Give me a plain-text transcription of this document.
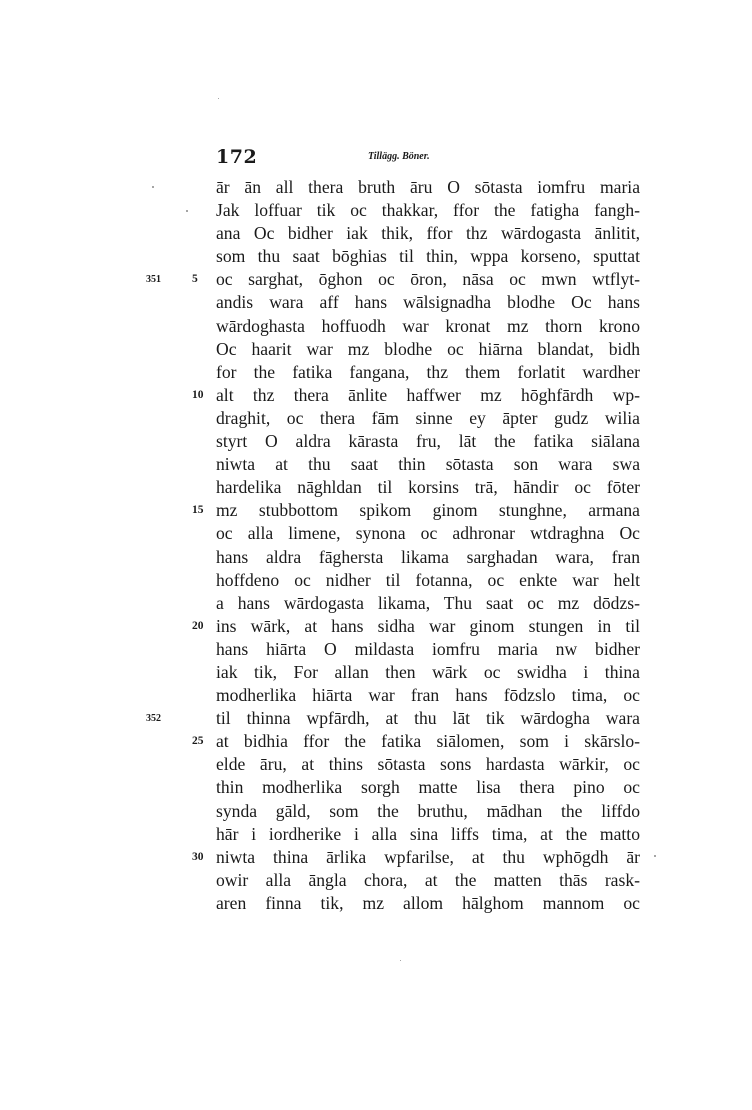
172	Tillägg. Böner.
ār ān all thera bruth āru O sōtasta iomfru maria
Jak loffuar tik oc thakkar, ffor the fatigha fangh-
ana Oc bidher iak thik, ffor thz wārdogasta ānlitit,
som thu saat bōghias til thin, wppa korseno, sputtat
351	5	oc sarghat, ōghon oc ōron, nāsa oc mwn wtflyt-
andis wara aff hans wālsignadha blodhe Oc hans
wārdoghasta hoffuodh war kronat mz thorn krono
Oc haarit war mz blodhe oc hiārna blandat, bidh
for the fatika fangana, thz them forlatit wardher
10 alt thz thera ānlite haffwer mz hōghfārdh wp-
draghit, oc thera fām sinne ey āpter gudz wilia
styrt O aldra kārasta fru, lāt the fatika siālana
niwta at thu saat thin sōtasta son wara swa
hardelika nāghldan til korsins trā, hāndir oc fōter
15 mz stubbottom spikom ginom stunghne, armana
oc alla limene, synona oc adhronar wtdraghna Oc
hans aldra fāghersta likama sarghadan wara, fran
hoffdeno oc nidher til fotanna, oc enkte war helt
a hans wārdogasta likama, Thu saat oc mz dōdzs-
20 ins wārk, at hans sidha war ginom stungen in til
hans hiārta O mildasta iomfru maria nw bidher
iak tik, For allan then wārk oc swidha i thina
modherlika hiārta war fran hans fōdzslo tima, oc
352	til thinna wpfārdh, at thu lāt tik wārdogha wara
25 at bidhia ffor the fatika siālomen, som i skārslo-
elde āru, at thins sōtasta sons hardasta wārkir, oc
thin modherlika sorgh matte lisa thera pino oc
synda gāld, som the bruthu, mādhan the liffdo
hār i iordherike i alla sina liffs tima, at the matto
30 niwta thina ārlika wpfarilse, at thu wphōgdh ār
owir alla āngla chora, at the matten thās rask-
aren finna tik, mz allom hālghom mannom oc
